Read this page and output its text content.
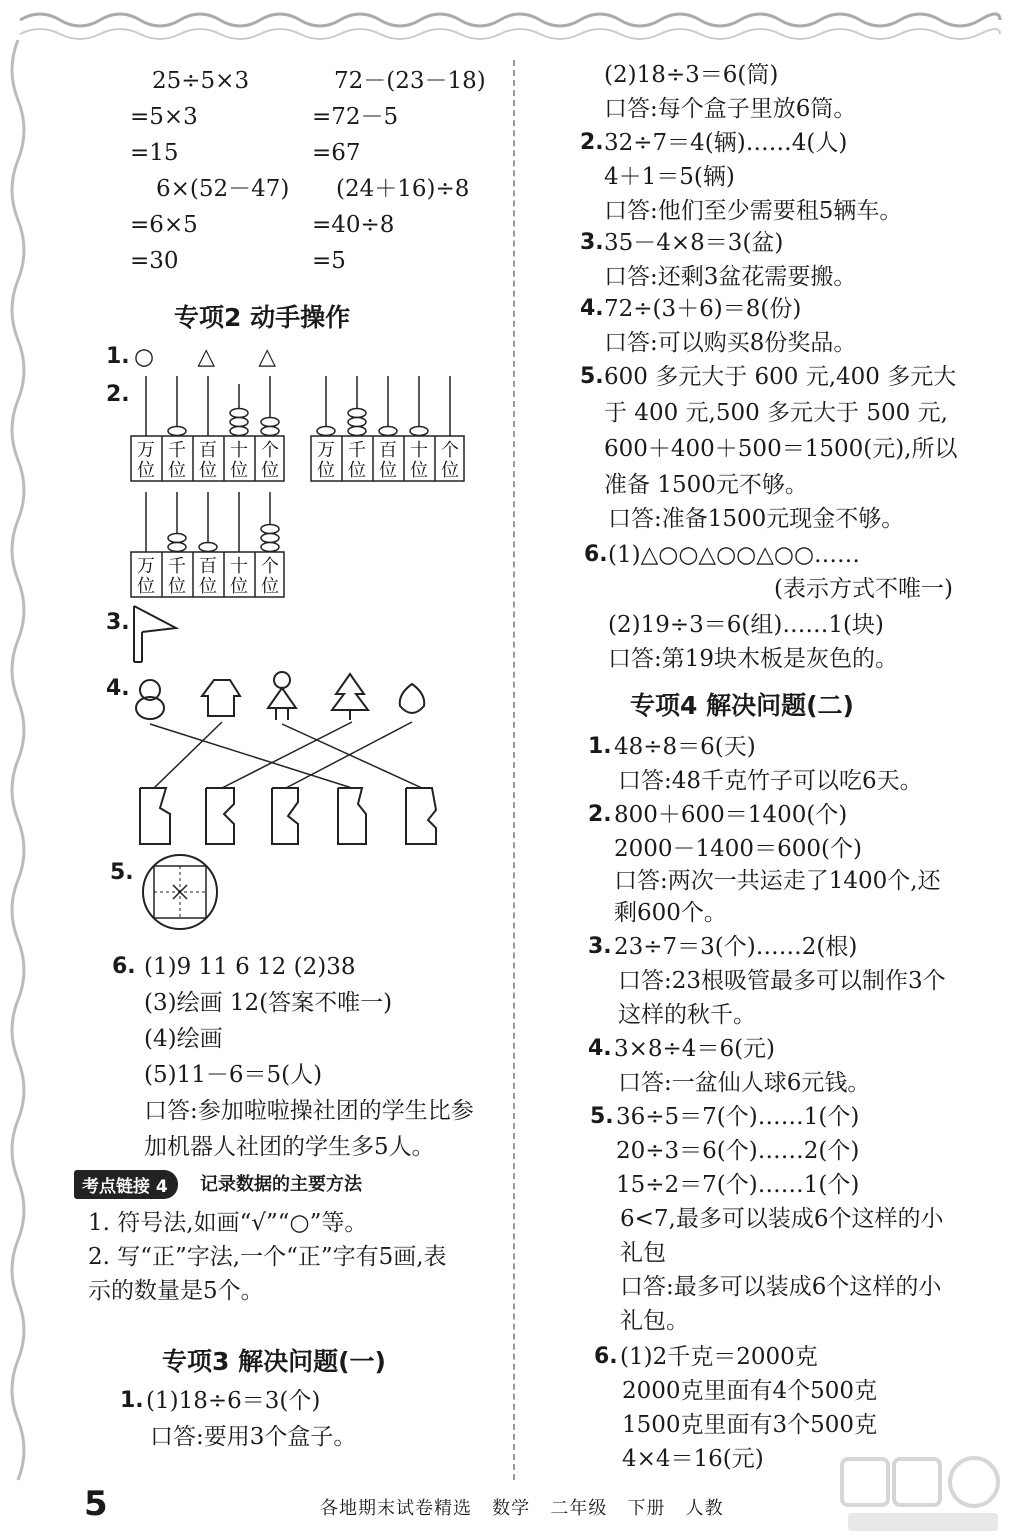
25÷5×3
=5×3
=15
72－(23－18)
=72－5
=67
6×(52－47)
=6×5
=30
(24＋16)÷8
=40÷8
=5
专项2 动手操作
1. ○ △ △
2.
万
位
千
位
百
位
十
位
个
位
万
位
千
位
百
位
十
位
个
位
万
位
千
位
百
位
十
位
个
位
3.
4.
5.
6. (1)9 11 6 12 (2)38
(3)绘画 12(答案不唯一)
(4)绘画
(5)11－6＝5(人)
口答:参加啦啦操社团的学生比参
加机器人社团的学生多5人。
考点链接 4	记录数据的主要方法
1. 符号法,如画“√”“○”等。
2. 写“正”字法,一个“正”字有5画,表
示的数量是5个。
专项3 解决问题(一)
1. (1)18÷6＝3(个)
口答:要用3个盒子。
(2)18÷3＝6(筒)
口答:每个盒子里放6筒。
2. 32÷7＝4(辆)……4(人)
4＋1＝5(辆)
口答:他们至少需要租5辆车。
3. 35－4×8＝3(盆)
口答:还剩3盆花需要搬。
4. 72÷(3＋6)＝8(份)
口答:可以购买8份奖品。
5. 600 多元大于 600 元,400 多元大
于 400 元,500 多元大于 500 元,
600＋400＋500＝1500(元),所以
准备 1500元不够。
口答:准备1500元现金不够。
6. (1)△○○△○○△○○……
(表示方式不唯一)
(2)19÷3＝6(组)……1(块)
口答:第19块木板是灰色的。
专项4 解决问题(二)
1. 48÷8＝6(天)
口答:48千克竹子可以吃6天。
2. 800＋600＝1400(个)
2000－1400＝600(个)
口答:两次一共运走了1400个,还
剩600个。
3. 23÷7＝3(个)……2(根)
口答:23根吸管最多可以制作3个
这样的秋千。
4. 3×8÷4＝6(元)
口答:一盆仙人球6元钱。
5. 36÷5＝7(个)……1(个)
20÷3＝6(个)……2(个)
15÷2＝7(个)……1(个)
6<7,最多可以装成6个这样的小
礼包
口答:最多可以装成6个这样的小
礼包。
6. (1)2千克＝2000克
2000克里面有4个500克
1500克里面有3个500克
4×4＝16(元)
5	各地期末试卷精选   数学   二年级   下册   人教
